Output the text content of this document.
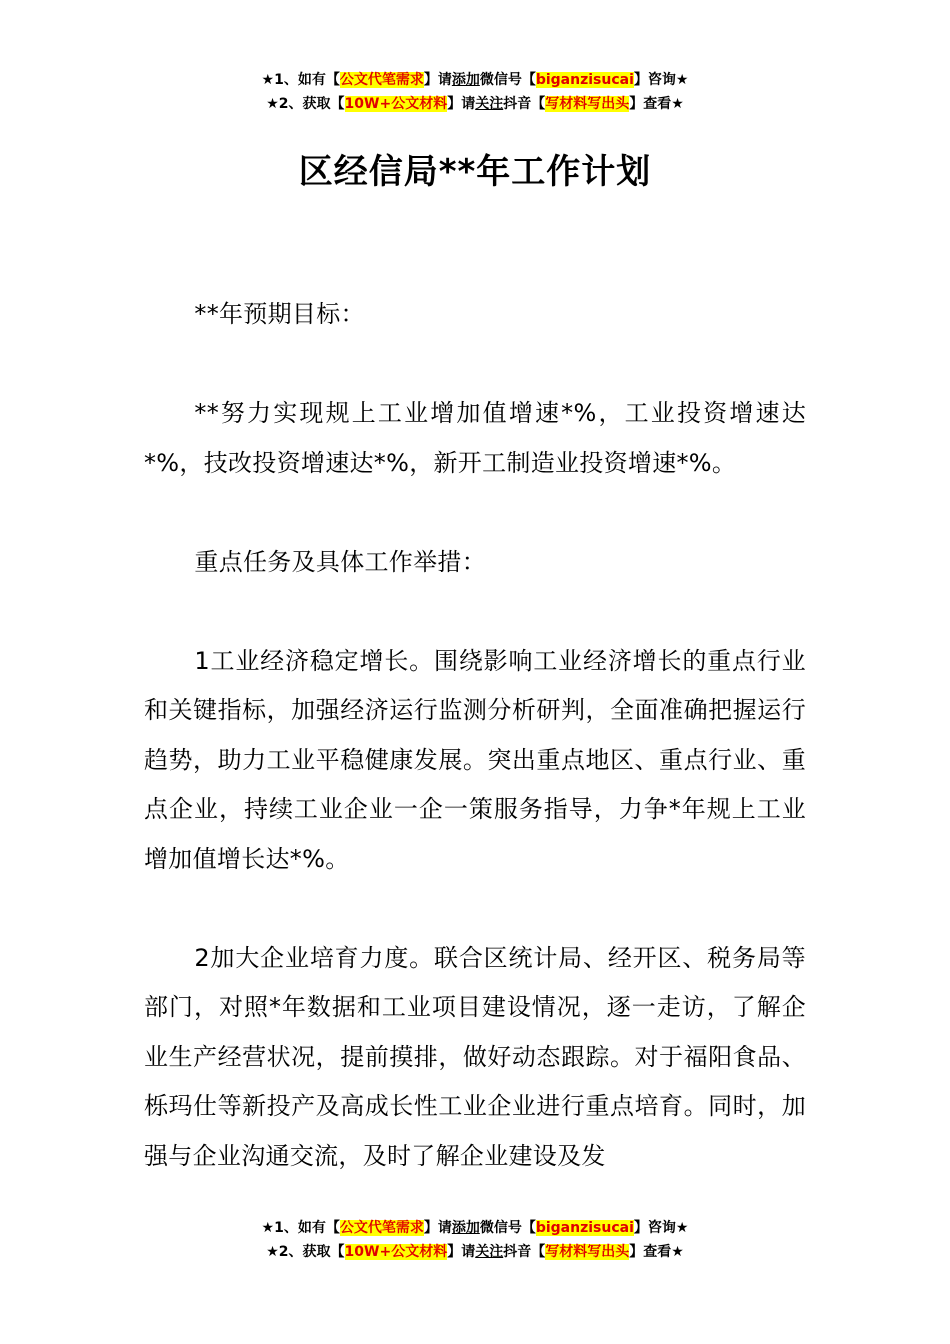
★1、如有【公文代笔需求】请添加微信号【biganzisucai】咨询★
★2、获取【10W+公文材料】请关注抖音【写材料写出头】查看★
区经信局**年工作计划

**年预期目标：

**努力实现规上工业增加值增速*%，工业投资增速达*%，技改投资增速达*%，新开工制造业投资增速*%。

重点任务及具体工作举措：

1工业经济稳定增长。围绕影响工业经济增长的重点行业和关键指标，加强经济运行监测分析研判，全面准确把握运行趋势，助力工业平稳健康发展。突出重点地区、重点行业、重点企业，持续工业企业一企一策服务指导，力争*年规上工业增加值增长达*%。

2加大企业培育力度。联合区统计局、经开区、税务局等部门，对照*年数据和工业项目建设情况，逐一走访，了解企业生产经营状况，提前摸排，做好动态跟踪。对于福阳食品、栎玛仕等新投产及高成长性工业企业进行重点培育。同时，加强与企业沟通交流，及时了解企业建设及发

★1、如有【公文代笔需求】请添加微信号【biganzisucai】咨询★
★2、获取【10W+公文材料】请关注抖音【写材料写出头】查看★
